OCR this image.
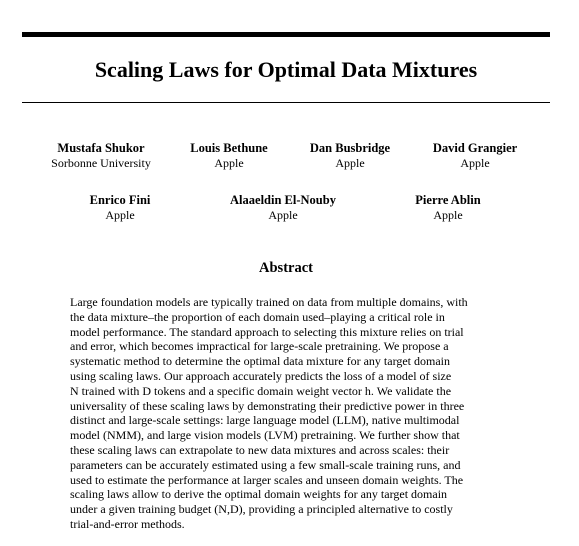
Scaling Laws for Optimal Data Mixtures
Mustafa Shukor
Sorbonne University
Louis Bethune
Apple
Dan Busbridge
Apple
David Grangier
Apple
Enrico Fini
Apple
Alaaeldin El-Nouby
Apple
Pierre Ablin
Apple
Abstract
Large foundation models are typically trained on data from multiple domains, with
the data mixture–the proportion of each domain used–playing a critical role in
model performance. The standard approach to selecting this mixture relies on trial
and error, which becomes impractical for large-scale pretraining. We propose a
systematic method to determine the optimal data mixture for any target domain
using scaling laws. Our approach accurately predicts the loss of a model of size
N trained with D tokens and a specific domain weight vector h. We validate the
universality of these scaling laws by demonstrating their predictive power in three
distinct and large-scale settings: large language model (LLM), native multimodal
model (NMM), and large vision models (LVM) pretraining. We further show that
these scaling laws can extrapolate to new data mixtures and across scales: their
parameters can be accurately estimated using a few small-scale training runs, and
used to estimate the performance at larger scales and unseen domain weights. The
scaling laws allow to derive the optimal domain weights for any target domain
under a given training budget (N,D), providing a principled alternative to costly
trial-and-error methods.
